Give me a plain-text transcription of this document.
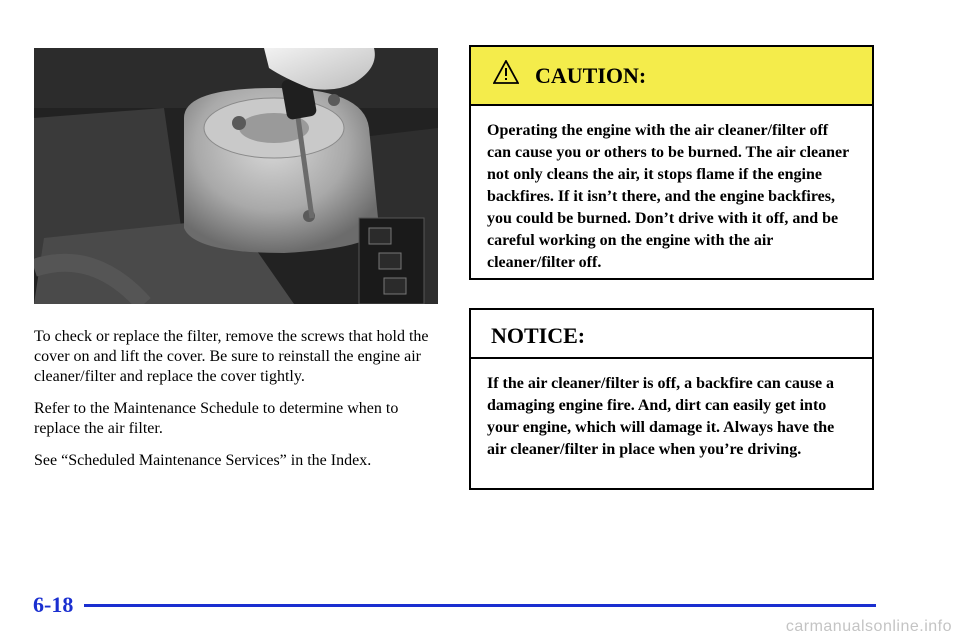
To check or replace the filter, remove the screws that hold the cover on and lift the cover. Be sure to reinstall the engine air cleaner/filter and replace the cover tightly.

Refer to the Maintenance Schedule to determine when to replace the air filter.

See “Scheduled Maintenance Services” in the Index.

CAUTION:
Operating the engine with the air cleaner/filter off can cause you or others to be burned. The air cleaner not only cleans the air, it stops flame if the engine backfires. If it isn’t there, and the engine backfires, you could be burned. Don’t drive with it off, and be careful working on the engine with the air cleaner/filter off.
NOTICE:
If the air cleaner/filter is off, a backfire can cause a damaging engine fire. And, dirt can easily get into your engine, which will damage it. Always have the air cleaner/filter in place when you’re driving.
6-18
carmanualsonline.info
